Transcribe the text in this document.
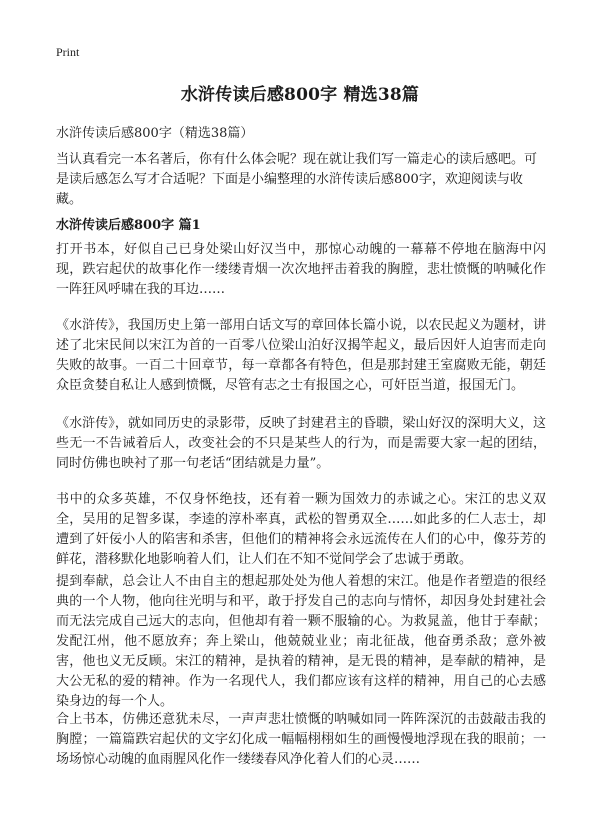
Print
水浒传读后感800字 精选38篇
水浒传读后感800字（精选38篇）
当认真看完一本名著后，你有什么体会呢？现在就让我们写一篇走心的读后感吧。可是读后感怎么写才合适呢？下面是小编整理的水浒传读后感800字，欢迎阅读与收藏。
水浒传读后感800字 篇1
打开书本，好似自己已身处梁山好汉当中，那惊心动魄的一幕幕不停地在脑海中闪现，跌宕起伏的故事化作一缕缕青烟一次次地抨击着我的胸膛，悲壮愤慨的呐喊化作一阵狂风呼啸在我的耳边……
《水浒传》，我国历史上第一部用白话文写的章回体长篇小说，以农民起义为题材，讲述了北宋民间以宋江为首的一百零八位梁山泊好汉揭竿起义，最后因奸人迫害而走向失败的故事。一百二十回章节，每一章都各有特色，但是那封建王室腐败无能，朝廷众臣贪婪自私让人感到愤慨，尽管有志之士有报国之心，可奸臣当道，报国无门。
《水浒传》，就如同历史的录影带，反映了封建君主的昏聩，梁山好汉的深明大义，这些无一不告诫着后人，改变社会的不只是某些人的行为，而是需要大家一起的团结，同时仿佛也映衬了那一句老话“团结就是力量”。
书中的众多英雄，不仅身怀绝技，还有着一颗为国效力的赤诚之心。宋江的忠义双全，吴用的足智多谋，李逵的淳朴率真，武松的智勇双全……如此多的仁人志士，却遭到了奸佞小人的陷害和杀害，但他们的精神将会永远流传在人们的心中，像芬芳的鲜花，潜移默化地影响着人们，让人们在不知不觉间学会了忠诚于勇敢。
提到奉献，总会让人不由自主的想起那处处为他人着想的宋江。他是作者塑造的很经典的一个人物，他向往光明与和平，敢于抒发自己的志向与情怀，却因身处封建社会而无法完成自己远大的志向，但他却有着一颗不服输的心。为救晁盖，他甘于奉献；发配江州，他不愿放弃；奔上梁山，他兢兢业业；南北征战，他奋勇杀敌；意外被害，他也义无反顾。宋江的精神，是执着的精神，是无畏的精神，是奉献的精神，是大公无私的爱的精神。作为一名现代人，我们都应该有这样的精神，用自己的心去感染身边的每一个人。
合上书本，仿佛还意犹未尽，一声声悲壮愤慨的呐喊如同一阵阵深沉的击鼓敲击我的胸膛；一篇篇跌宕起伏的文字幻化成一幅幅栩栩如生的画慢慢地浮现在我的眼前；一场场惊心动魄的血雨腥风化作一缕缕春风净化着人们的心灵……
